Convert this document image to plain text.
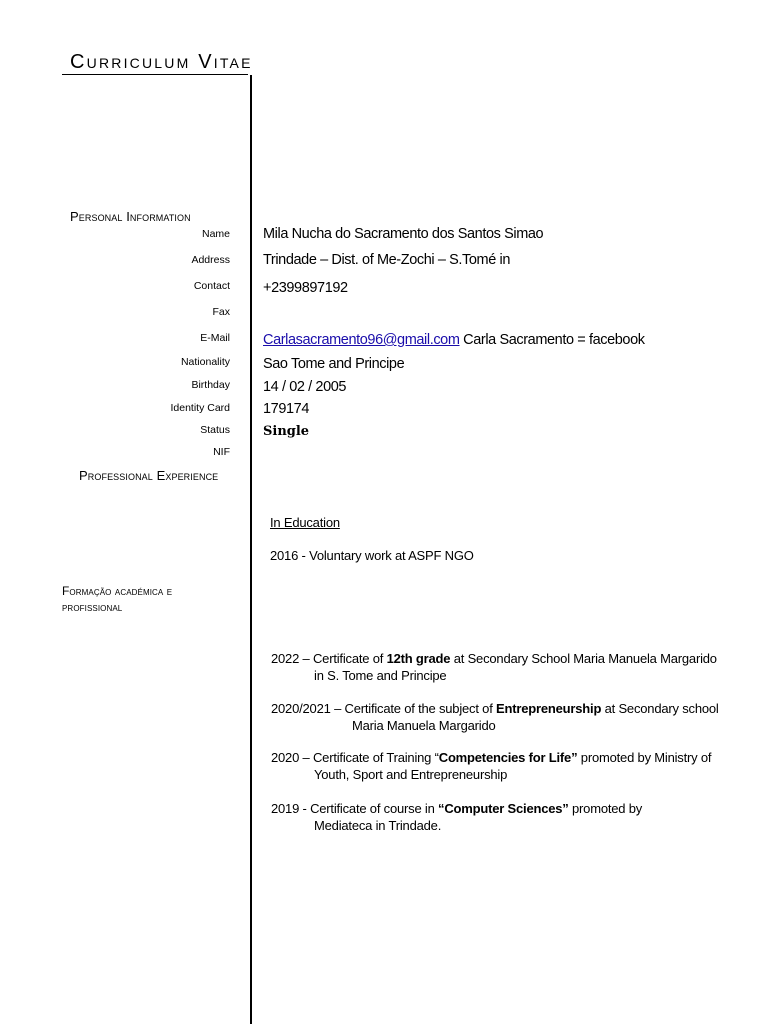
Curriculum Vitae
Personal Information
Name Mila Nucha do Sacramento dos Santos Simao
Address Trindade – Dist. of Me-Zochi – S.Tomé in
Contact +2399897192
Fax
E-Mail Carlasacramento96@gmail.com Carla Sacramento = facebook
Nationality Sao Tome and Principe
Birthday 14 / 02 / 2005
Identity Card 179174
Status	Single
NIF
Professional Experience
In Education
2016 - Voluntary work at ASPF NGO
Formação académica e
profissional
2022 – Certificate of 12th grade at Secondary School Maria Manuela Margarido
in S. Tome and Principe
2020/2021 – Certificate of the subject of Entrepreneurship at Secondary school
Maria Manuela Margarido
2020 – Certificate of Training “Competencies for Life” promoted by Ministry of
Youth, Sport and Entrepreneurship
2019 - Certificate of course in “Computer Sciences” promoted by
Mediateca in Trindade.
